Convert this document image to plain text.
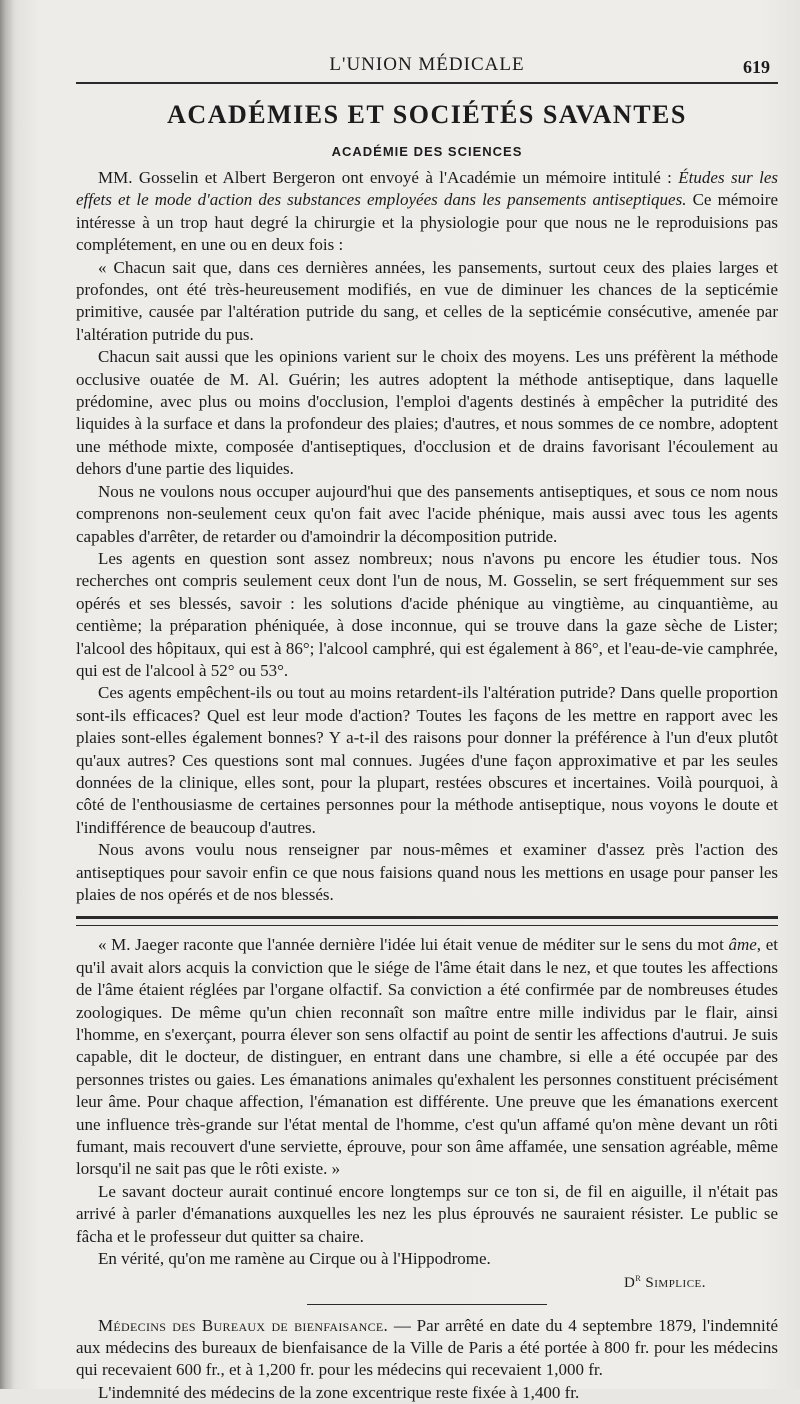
L'UNION MÉDICALE	619
ACADÉMIES ET SOCIÉTÉS SAVANTES
ACADÉMIE DES SCIENCES

MM. Gosselin et Albert Bergeron ont envoyé à l'Académie un mémoire intitulé : Études sur les effets et le mode d'action des substances employées dans les pansements antiseptiques. Ce mémoire intéresse à un trop haut degré la chirurgie et la physiologie pour que nous ne le reproduisions pas complétement, en une ou en deux fois :

« Chacun sait que, dans ces dernières années, les pansements, surtout ceux des plaies larges et profondes, ont été très-heureusement modifiés, en vue de diminuer les chances de la septicémie primitive, causée par l'altération putride du sang, et celles de la septicémie consécutive, amenée par l'altération putride du pus.

Chacun sait aussi que les opinions varient sur le choix des moyens. Les uns préfèrent la méthode occlusive ouatée de M. Al. Guérin; les autres adoptent la méthode antiseptique, dans laquelle prédomine, avec plus ou moins d'occlusion, l'emploi d'agents destinés à empêcher la putridité des liquides à la surface et dans la profondeur des plaies; d'autres, et nous sommes de ce nombre, adoptent une méthode mixte, composée d'antiseptiques, d'occlusion et de drains favorisant l'écoulement au dehors d'une partie des liquides.

Nous ne voulons nous occuper aujourd'hui que des pansements antiseptiques, et sous ce nom nous comprenons non-seulement ceux qu'on fait avec l'acide phénique, mais aussi avec tous les agents capables d'arrêter, de retarder ou d'amoindrir la décomposition putride.

Les agents en question sont assez nombreux; nous n'avons pu encore les étudier tous. Nos recherches ont compris seulement ceux dont l'un de nous, M. Gosselin, se sert fréquemment sur ses opérés et ses blessés, savoir : les solutions d'acide phénique au vingtième, au cinquantième, au centième; la préparation phéniquée, à dose inconnue, qui se trouve dans la gaze sèche de Lister; l'alcool des hôpitaux, qui est à 86°; l'alcool camphré, qui est également à 86°, et l'eau-de-vie camphrée, qui est de l'alcool à 52° ou 53°.

Ces agents empêchent-ils ou tout au moins retardent-ils l'altération putride? Dans quelle proportion sont-ils efficaces? Quel est leur mode d'action? Toutes les façons de les mettre en rapport avec les plaies sont-elles également bonnes? Y a-t-il des raisons pour donner la préférence à l'un d'eux plutôt qu'aux autres? Ces questions sont mal connues. Jugées d'une façon approximative et par les seules données de la clinique, elles sont, pour la plupart, restées obscures et incertaines. Voilà pourquoi, à côté de l'enthousiasme de certaines personnes pour la méthode antiseptique, nous voyons le doute et l'indifférence de beaucoup d'autres.

Nous avons voulu nous renseigner par nous-mêmes et examiner d'assez près l'action des antiseptiques pour savoir enfin ce que nous faisions quand nous les mettions en usage pour panser les plaies de nos opérés et de nos blessés.

« M. Jaeger raconte que l'année dernière l'idée lui était venue de méditer sur le sens du mot âme, et qu'il avait alors acquis la conviction que le siége de l'âme était dans le nez, et que toutes les affections de l'âme étaient réglées par l'organe olfactif. Sa conviction a été confirmée par de nombreuses études zoologiques. De même qu'un chien reconnaît son maître entre mille individus par le flair, ainsi l'homme, en s'exerçant, pourra élever son sens olfactif au point de sentir les affections d'autrui. Je suis capable, dit le docteur, de distinguer, en entrant dans une chambre, si elle a été occupée par des personnes tristes ou gaies. Les émanations animales qu'exhalent les personnes constituent précisément leur âme. Pour chaque affection, l'émanation est différente. Une preuve que les émanations exercent une influence très-grande sur l'état mental de l'homme, c'est qu'un affamé qu'on mène devant un rôti fumant, mais recouvert d'une serviette, éprouve, pour son âme affamée, une sensation agréable, même lorsqu'il ne sait pas que le rôti existe. »

Le savant docteur aurait continué encore longtemps sur ce ton si, de fil en aiguille, il n'était pas arrivé à parler d'émanations auxquelles les nez les plus éprouvés ne sauraient résister. Le public se fâcha et le professeur dut quitter sa chaire.

En vérité, qu'on me ramène au Cirque ou à l'Hippodrome.

$D^r$ Simplice.

Médecins des Bureaux de bienfaisance. — Par arrêté en date du 4 septembre 1879, l'indemnité aux médecins des bureaux de bienfaisance de la Ville de Paris a été portée à 800 fr. pour les médecins qui recevaient 600 fr., et à 1,200 fr. pour les médecins qui recevaient 1,000 fr.

L'indemnité des médecins de la zone excentrique reste fixée à 1,400 fr.
